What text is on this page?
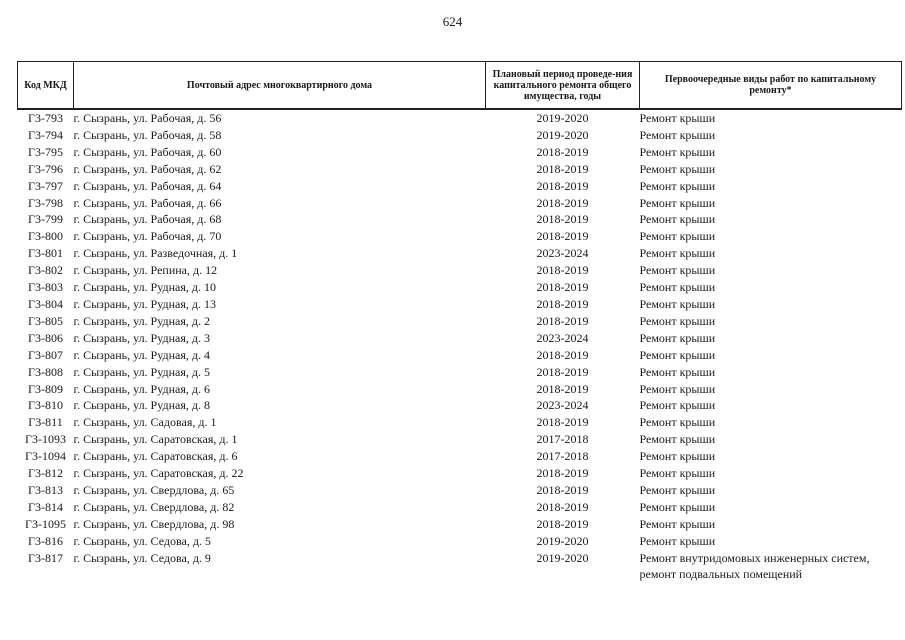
624
Код МКД	Почтовый адрес многоквартирного дома	Плановый период проведе-ния капитального ремонта общего имущества, годы	Первоочередные виды работ по капитальному ремонту*
Г3-793	г. Сызрань, ул. Рабочая, д. 56	2019-2020	Ремонт крыши
Г3-794	г. Сызрань, ул. Рабочая, д. 58	2019-2020	Ремонт крыши
Г3-795	г. Сызрань, ул. Рабочая, д. 60	2018-2019	Ремонт крыши
Г3-796	г. Сызрань, ул. Рабочая, д. 62	2018-2019	Ремонт крыши
Г3-797	г. Сызрань, ул. Рабочая, д. 64	2018-2019	Ремонт крыши
Г3-798	г. Сызрань, ул. Рабочая, д. 66	2018-2019	Ремонт крыши
Г3-799	г. Сызрань, ул. Рабочая, д. 68	2018-2019	Ремонт крыши
Г3-800	г. Сызрань, ул. Рабочая, д. 70	2018-2019	Ремонт крыши
Г3-801	г. Сызрань, ул. Разведочная, д. 1	2023-2024	Ремонт крыши
Г3-802	г. Сызрань, ул. Репина, д. 12	2018-2019	Ремонт крыши
Г3-803	г. Сызрань, ул. Рудная, д. 10	2018-2019	Ремонт крыши
Г3-804	г. Сызрань, ул. Рудная, д. 13	2018-2019	Ремонт крыши
Г3-805	г. Сызрань, ул. Рудная, д. 2	2018-2019	Ремонт крыши
Г3-806	г. Сызрань, ул. Рудная, д. 3	2023-2024	Ремонт крыши
Г3-807	г. Сызрань, ул. Рудная, д. 4	2018-2019	Ремонт крыши
Г3-808	г. Сызрань, ул. Рудная, д. 5	2018-2019	Ремонт крыши
Г3-809	г. Сызрань, ул. Рудная, д. 6	2018-2019	Ремонт крыши
Г3-810	г. Сызрань, ул. Рудная, д. 8	2023-2024	Ремонт крыши
Г3-811	г. Сызрань, ул. Садовая, д. 1	2018-2019	Ремонт крыши
Г3-1093	г. Сызрань, ул. Саратовская, д. 1	2017-2018	Ремонт крыши
Г3-1094	г. Сызрань, ул. Саратовская, д. 6	2017-2018	Ремонт крыши
Г3-812	г. Сызрань, ул. Саратовская, д. 22	2018-2019	Ремонт крыши
Г3-813	г. Сызрань, ул. Свердлова, д. 65	2018-2019	Ремонт крыши
Г3-814	г. Сызрань, ул. Свердлова, д. 82	2018-2019	Ремонт крыши
Г3-1095	г. Сызрань, ул. Свердлова, д. 98	2018-2019	Ремонт крыши
Г3-816	г. Сызрань, ул. Седова, д. 5	2019-2020	Ремонт крыши
Г3-817	г. Сызрань, ул. Седова, д. 9	2019-2020	Ремонт внутридомовых инженерных систем,
ремонт подвальных помещений
